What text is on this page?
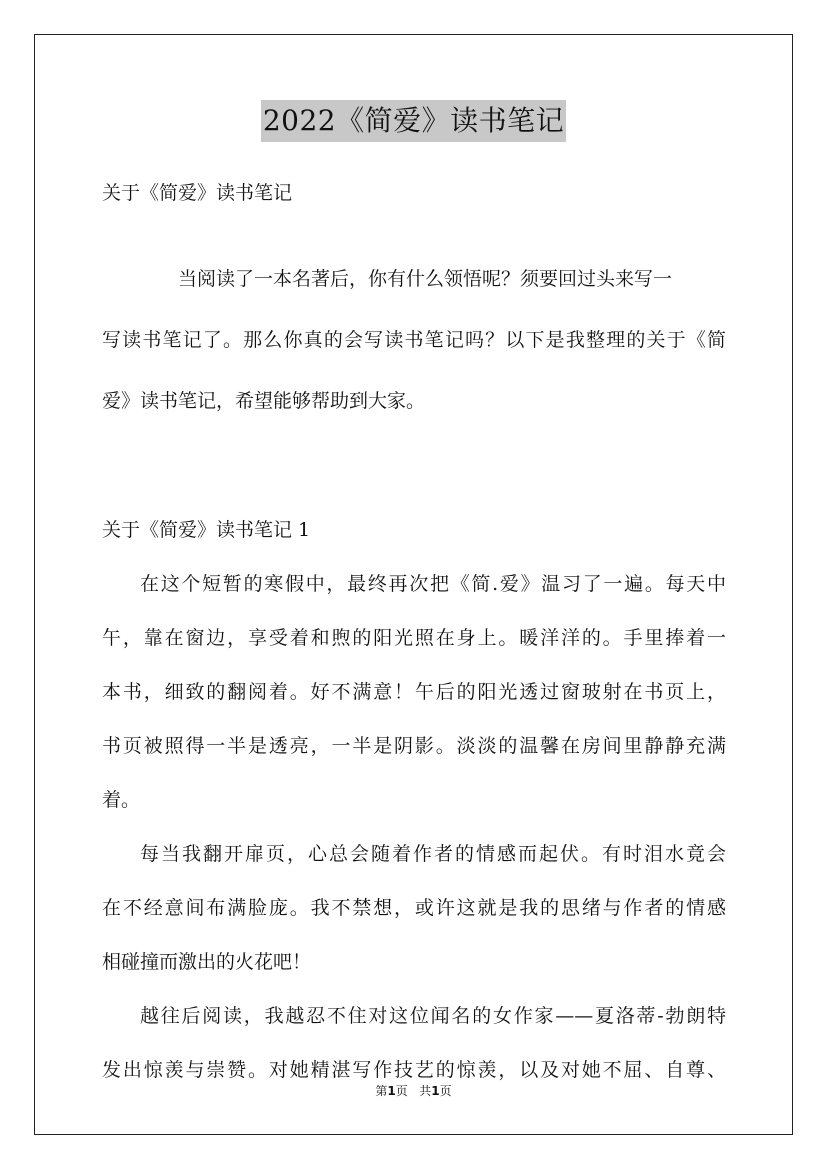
2022《简爱》读书笔记

关于《简爱》读书笔记

当阅读了一本名著后，你有什么领悟呢？须要回过头来写一

写读书笔记了。那么你真的会写读书笔记吗？以下是我整理的关于《简

爱》读书笔记，希望能够帮助到大家。

关于《简爱》读书笔记 1

在这个短暂的寒假中，最终再次把《简.爱》温习了一遍。每天中

午，靠在窗边，享受着和煦的阳光照在身上。暖洋洋的。手里捧着一

本书，细致的翻阅着。好不满意！午后的阳光透过窗玻射在书页上，

书页被照得一半是透亮，一半是阴影。淡淡的温馨在房间里静静充满

着。

每当我翻开扉页，心总会随着作者的情感而起伏。有时泪水竟会

在不经意间布满脸庞。我不禁想，或许这就是我的思绪与作者的情感

相碰撞而激出的火花吧！

越往后阅读，我越忍不住对这位闻名的女作家——夏洛蒂-勃朗特

发出惊羡与崇赞。对她精湛写作技艺的惊羡，以及对她不屈、自尊、

第1页 共1页
